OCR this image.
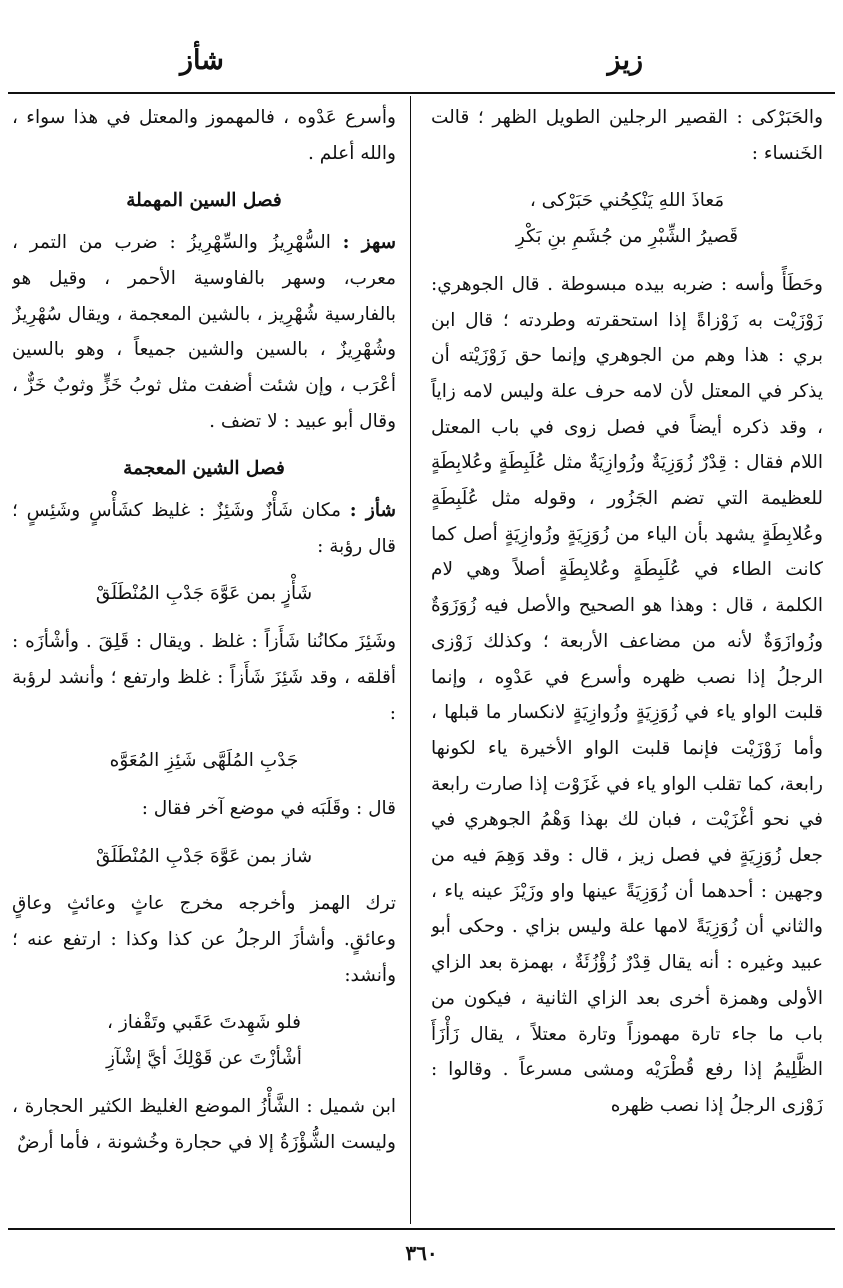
زيز
شأز

والحَبَرْكى : القصير الرجلين الطويل الظهر ؛ قالت الخَنساء :

مَعاذَ اللهِ يَنْكِحُني حَبَرْكى ،

قَصيرُ الشِّبْرِ من جُشَمِ بنِ بَكْرِ

وحَطَأً وأسه : ضربه بيده مبسوطة . قال الجوهري: زَوْزَيْت به زَوْزاةً إذا استحقرته وطردته ؛ قال ابن بري : هذا وهم من الجوهري وإنما حق زَوْزَيْته أن يذكر في المعتل لأن لامه حرف علة وليس لامه زاياً ، وقد ذكره أيضاً في فصل زوى في باب المعتل اللام فقال : قِدْرٌ زُوَزِيَةٌ وزُوازِيَةٌ مثل عُلَبِطَةٍ وعُلابِطَةٍ للعظيمة التي تضم الجَزُور ، وقوله مثل عُلَبِطَةٍ وعُلابِطَةٍ يشهد بأن الياء من زُوَزِيَةٍ وزُوازِيَةٍ أصل كما كانت الطاء في عُلَبِطَةٍ وعُلابِطَةٍ أصلاً وهي لام الكلمة ، قال : وهذا هو الصحيح والأصل فيه زُوَزَوَةٌ وزُوازَوَةٌ لأنه من مضاعف الأربعة ؛ وكذلك زَوْزى الرجلُ إذا نصب ظهره وأسرع في عَدْوِه ، وإنما قلبت الواو ياء في زُوَزِيَةٍ وزُوازِيَةٍ لانكسار ما قبلها ، وأما زَوْزَيْت فإنما قلبت الواو الأخيرة ياء لكونها رابعة، كما تقلب الواو ياء في غَزَوْت إذا صارت رابعة في نحو أغْزَيْت ، فبان لك بهذا وَهْمُ الجوهري في جعل زُوَزِيَةٍ في فصل زيز ، قال : وقد وَهِمَ فيه من وجهين : أحدهما أن زُوَزِيَةً عينها واو وزَيْزَ عينه ياء ، والثاني أن زُوَزِيَةً لامها علة وليس بزاي . وحكى أبو عبيد وغيره : أنه يقال قِدْرٌ زُؤْزُئَةٌ ، بهمزة بعد الزاي الأولى وهمزة أخرى بعد الزاي الثانية ، فيكون من باب ما جاء تارة مهموزاً وتارة معتلاً ، يقال زَأْزَأَ الظَّلِيمُ إذا رفع قُطْرَيْه ومشى مسرعاً . وقالوا : زَوْزى الرجلُ إذا نصب ظهره

وأسرع عَدْوه ، فالمهموز والمعتل في هذا سواء ، والله أعلم .

فصل السين المهملة

سهز : السُّهْرِيزُ والسِّهْرِيزُ : ضرب من التمر ، معرب، وسهر بالفاوسية الأحمر ، وقيل هو بالفارسية شُهْرِيز ، بالشين المعجمة ، ويقال سُهْرِيزٌ وشُهْرِيزٌ ، بالسين والشين جميعاً ، وهو بالسين أعْرَب ، وإن شئت أضفت مثل ثوبُ خَزٍّ وثوبٌ خَزٌّ ، وقال أبو عبيد : لا تضف .

فصل الشين المعجمة

شأز : مكان شَأْزٌ وشَئِزٌ : غليظ كشَأْسٍ وشَئِسٍ ؛ قال رؤبة :

شَأْزٍ بمن عَوَّهَ جَدْبِ المُنْطَلَقْ

وشَئِزَ مكانُنا شَأَزاً : غلظ . ويقال : قَلِقَ . وأشْأزَه : أقلقه ، وقد شَئِزَ شَأَزاً : غلظ وارتفع ؛ وأنشد لرؤبة :

جَدْبِ المُلَهَّى شَئِزِ المُعَوَّه

قال : وقَلَبَه في موضع آخر فقال :

شاز بمن عَوَّهَ جَدْبِ المُنْطَلَقْ

ترك الهمز وأخرجه مخرج عاثٍ وعائثٍ وعاقٍ وعائقٍ. وأشأزَ الرجلُ عن كذا وكذا : ارتفع عنه ؛ وأنشد:

فلو شَهِدتَ عَقَبي وتَقْفاز ،

أشْأزْتَ عن قَوْلِكَ أيَّ إشْآزِ

ابن شميل : الشَّأْزُ الموضع الغليظ الكثير الحجارة ، وليست الشُّؤْزَةُ إلا في حجارة وخُشونة ، فأما أرضٌ

٣٦٠
